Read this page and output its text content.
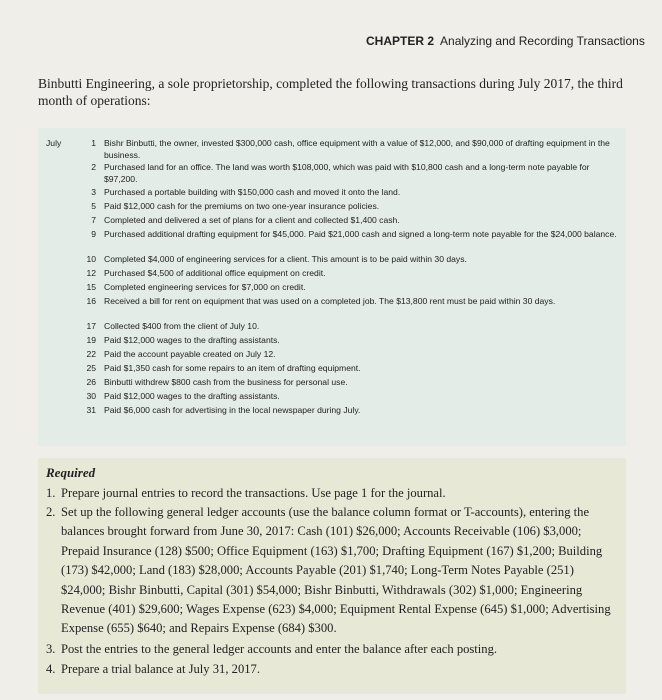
CHAPTER 2 Analyzing and Recording Transactions
Binbutti Engineering, a sole proprietorship, completed the following transactions during July 2017, the third month of operations:
July	1 Bishr Binbutti, the owner, invested $300,000 cash, office equipment with a value of $12,000, and $90,000 of drafting equipment in the business.
2 Purchased land for an office. The land was worth $108,000, which was paid with $10,800 cash and a long-term note payable for $97,200.
3 Purchased a portable building with $150,000 cash and moved it onto the land.
5 Paid $12,000 cash for the premiums on two one-year insurance policies.
7 Completed and delivered a set of plans for a client and collected $1,400 cash.
9 Purchased additional drafting equipment for $45,000. Paid $21,000 cash and signed a long-term note payable for the $24,000 balance.
10 Completed $4,000 of engineering services for a client. This amount is to be paid within 30 days.
12 Purchased $4,500 of additional office equipment on credit.
15 Completed engineering services for $7,000 on credit.
16 Received a bill for rent on equipment that was used on a completed job. The $13,800 rent must be paid within 30 days.
17 Collected $400 from the client of July 10.
19 Paid $12,000 wages to the drafting assistants.
22 Paid the account payable created on July 12.
25 Paid $1,350 cash for some repairs to an item of drafting equipment.
26 Binbutti withdrew $800 cash from the business for personal use.
30 Paid $12,000 wages to the drafting assistants.
31 Paid $6,000 cash for advertising in the local newspaper during July.
Required
1. Prepare journal entries to record the transactions. Use page 1 for the journal.
2. Set up the following general ledger accounts (use the balance column format or T-accounts), entering the balances brought forward from June 30, 2017: Cash (101) $26,000; Accounts Receivable (106) $3,000; Prepaid Insurance (128) $500; Office Equipment (163) $1,700; Drafting Equipment (167) $1,200; Building (173) $42,000; Land (183) $28,000; Accounts Payable (201) $1,740; Long-Term Notes Payable (251) $24,000; Bishr Binbutti, Capital (301) $54,000; Bishr Binbutti, Withdrawals (302) $1,000; Engineering Revenue (401) $29,600; Wages Expense (623) $4,000; Equipment Rental Expense (645) $1,000; Advertising Expense (655) $640; and Repairs Expense (684) $300.
3. Post the entries to the general ledger accounts and enter the balance after each posting.
4. Prepare a trial balance at July 31, 2017.
